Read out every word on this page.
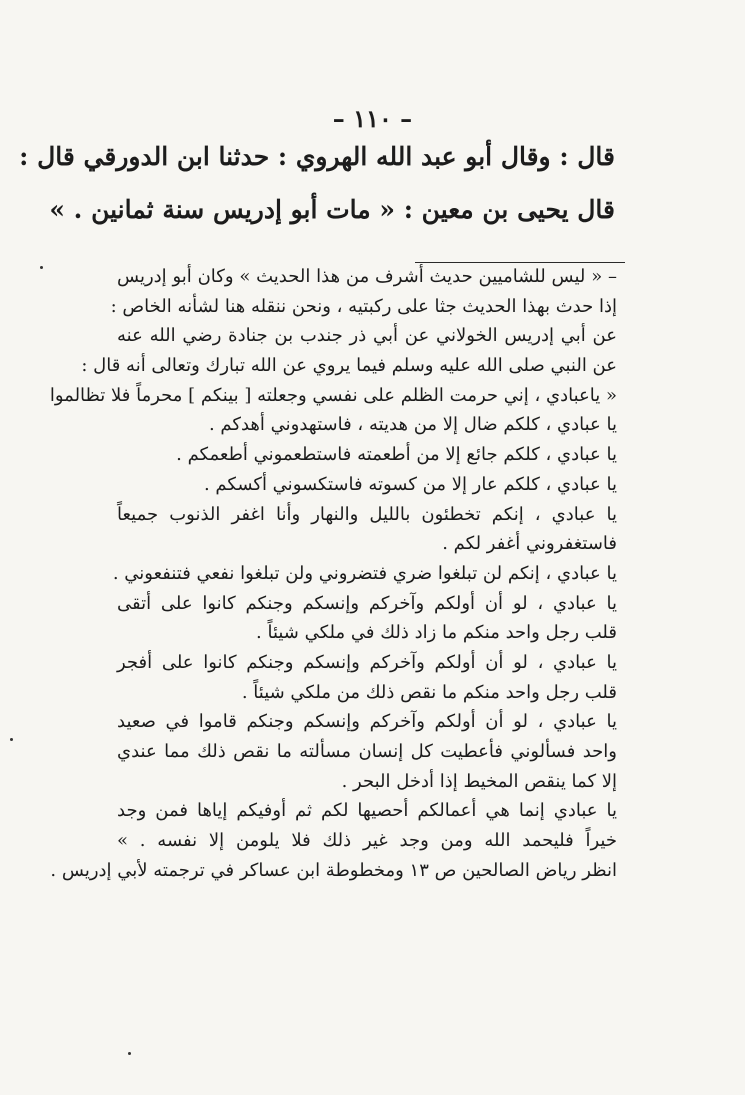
– ١١٠ –
قال : وقال أبو عبد الله الهروي : حدثنا ابن الدورقي قال :
قال يحيى بن معين : « مات أبو إدريس سنة ثمانين . »
– « ليس للشاميين حديث أشرف من هذا الحديث » وكان أبو إدريس
إذا حدث بهذا الحديث جثا على ركبتيه ، ونحن ننقله هنا لشأنه الخاص :
عن أبي إدريس الخولاني عن أبي ذر جندب بن جنادة رضي الله عنه
عن النبي صلى الله عليه وسلم فيما يروي عن الله تبارك وتعالى أنه قال :
« ياعبادي ، إني حرمت الظلم على نفسي وجعلته [ بينكم ] محرماً فلا تظالموا
يا عبادي ، كلكم ضال إلا من هديته ، فاستهدوني أهدكم .
يا عبادي ، كلكم جائع إلا من أطعمته فاستطعموني أطعمكم .
يا عبادي ، كلكم عار إلا من كسوته فاستكسوني أكسكم .
يا عبادي ، إنكم تخطئون بالليل والنهار وأنا اغفر الذنوب جميعاً
فاستغفروني أغفر لكم .
يا عبادي ، إنكم لن تبلغوا ضري فتضروني ولن تبلغوا نفعي فتنفعوني .
يا عبادي ، لو أن أولكم وآخركم وإنسكم وجنكم كانوا على أتقى
قلب رجل واحد منكم ما زاد ذلك في ملكي شيئاً .
يا عبادي ، لو أن أولكم وآخركم وإنسكم وجنكم كانوا على أفجر
قلب رجل واحد منكم ما نقص ذلك من ملكي شيئاً .
يا عبادي ، لو أن أولكم وآخركم وإنسكم وجنكم قاموا في صعيد
واحد فسألوني فأعطيت كل إنسان مسألته ما نقص ذلك مما عندي
إلا كما ينقص المخيط إذا أدخل البحر .
يا عبادي إنما هي أعمالكم أحصيها لكم ثم أوفيكم إياها فمن وجد
خيراً فليحمد الله ومن وجد غير ذلك فلا يلومن إلا نفسه . »
انظر رياض الصالحين ص ١٣ ومخطوطة ابن عساكر في ترجمته لأبي إدريس .
